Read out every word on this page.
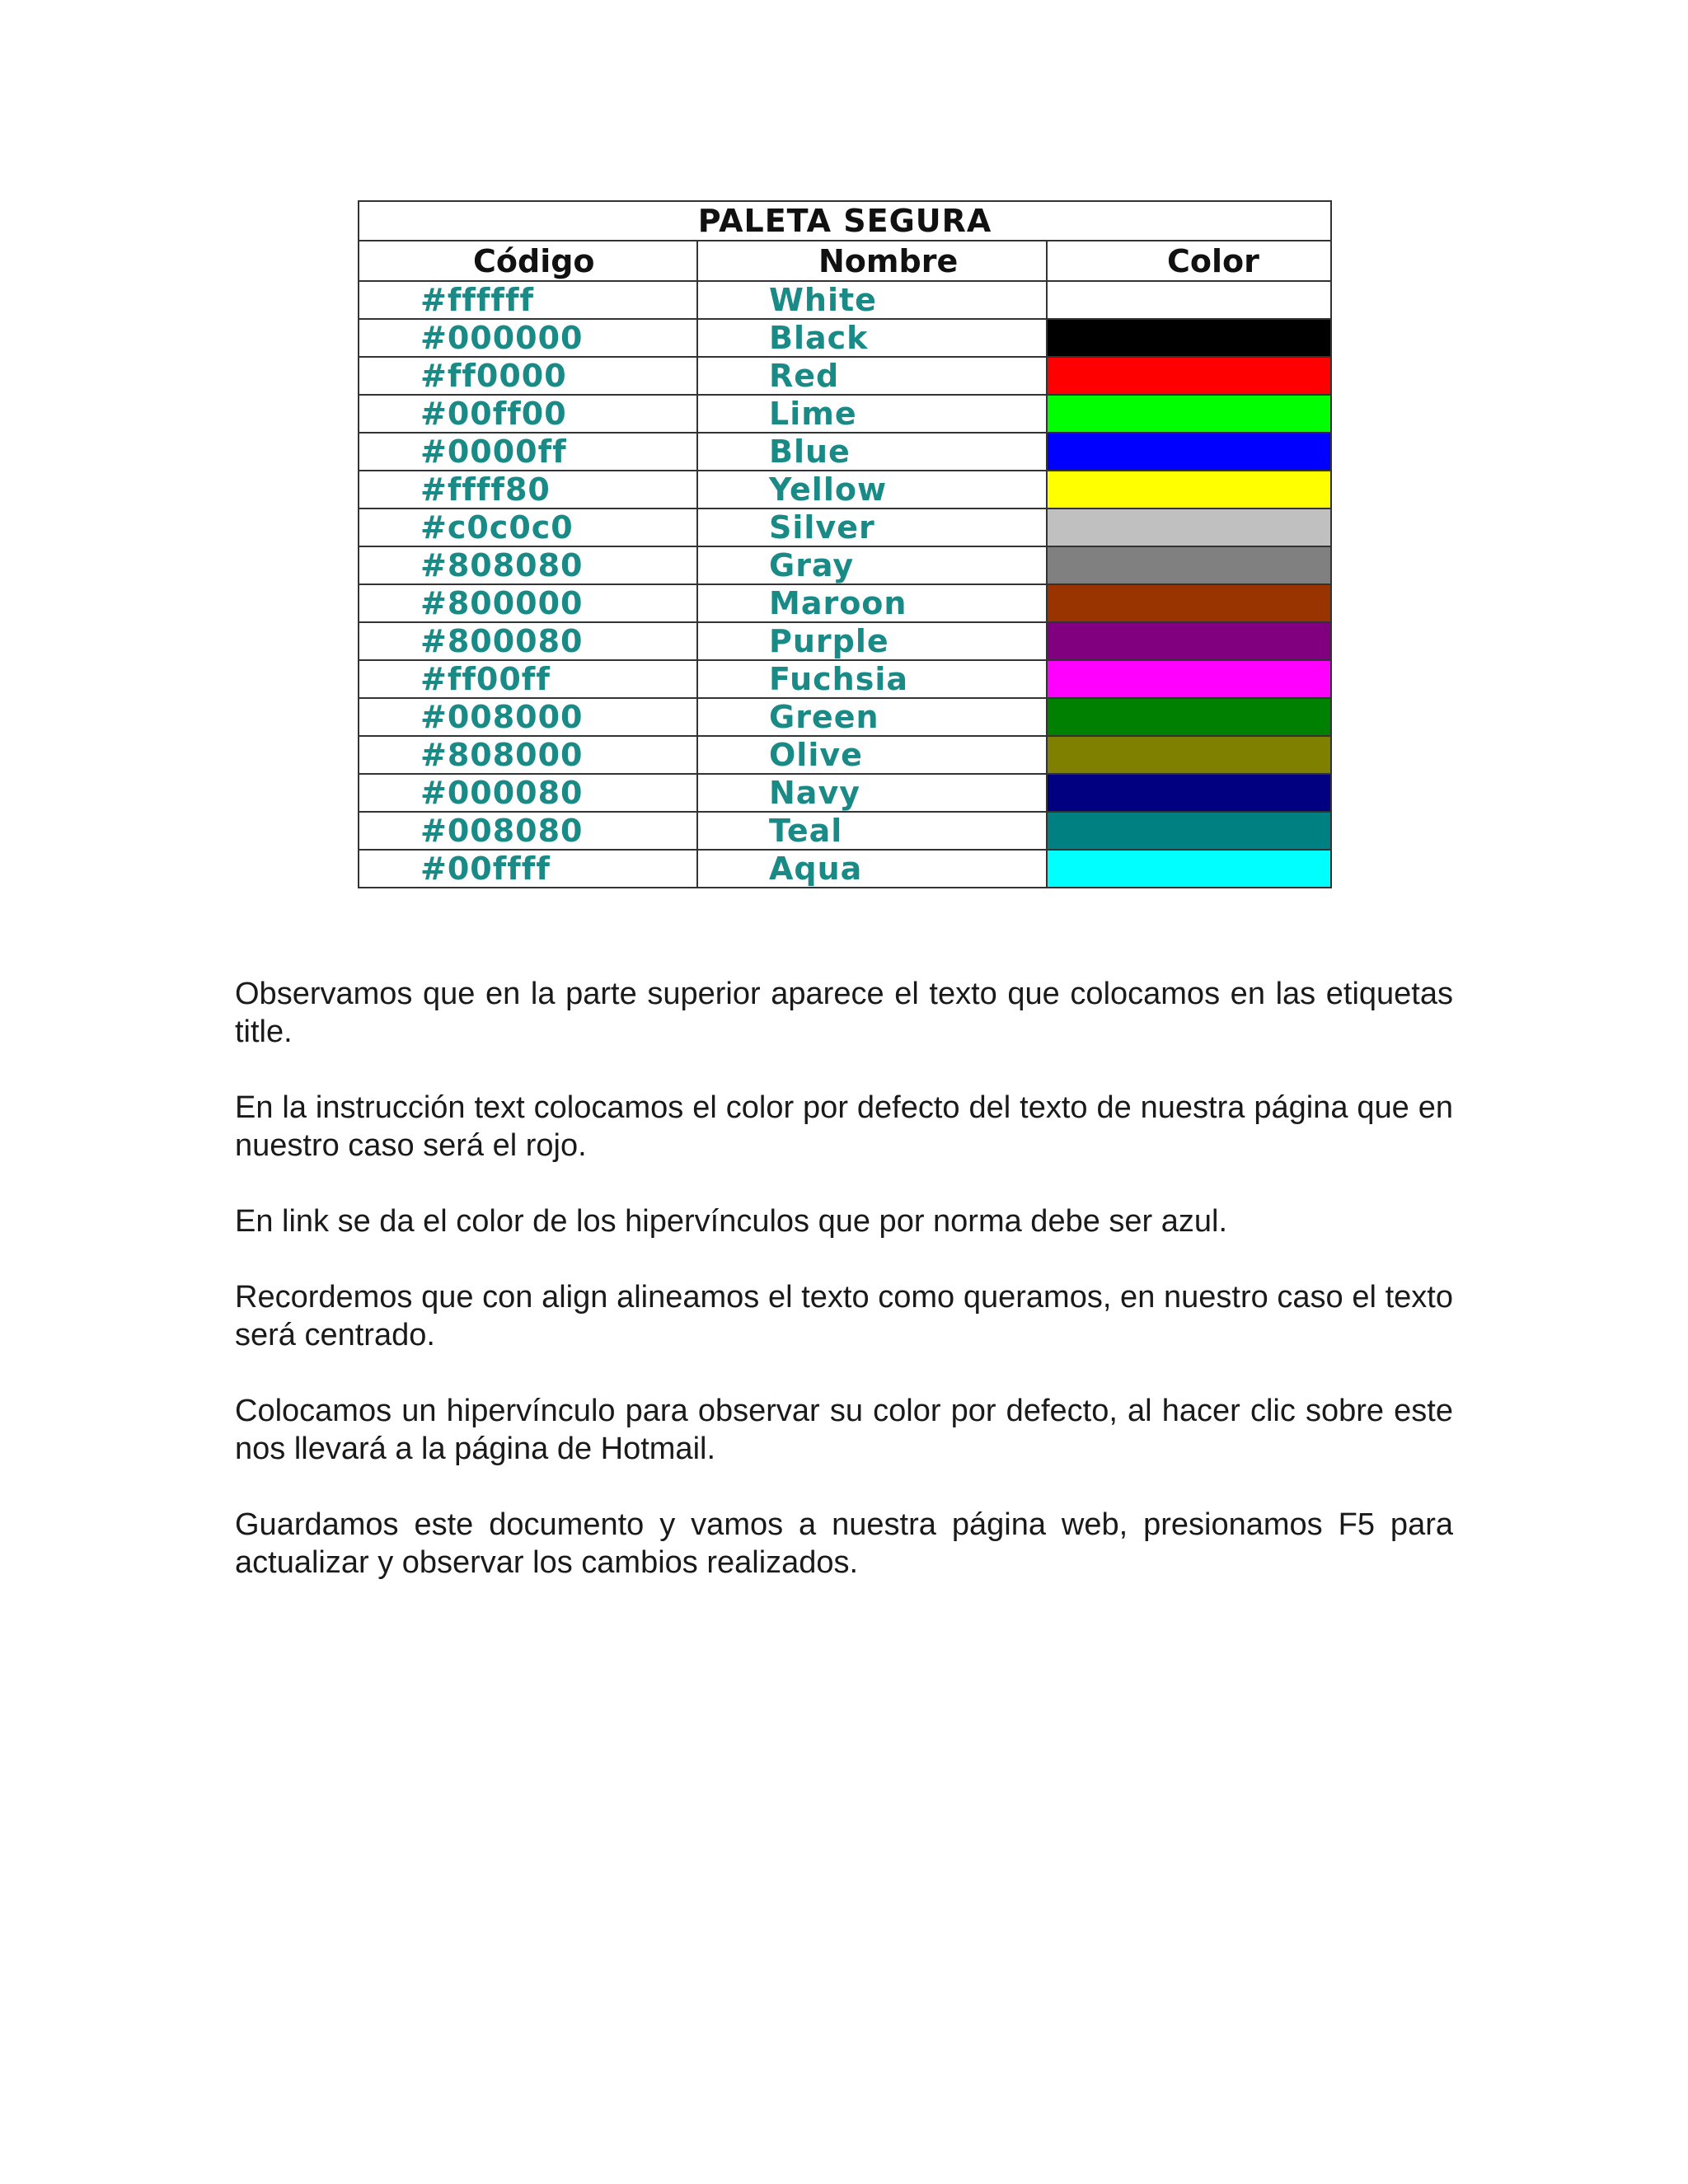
PALETA SEGURA		
Código	Nombre	Color
#ffffff	White	
#000000	Black	
#ff0000	Red	
#00ff00	Lime	
#0000ff	Blue	
#ffff80	Yellow	
#c0c0c0	Silver	
#808080	Gray	
#800000	Maroon	
#800080	Purple	
#ff00ff	Fuchsia	
#008000	Green	
#808000	Olive	
#000080	Navy	
#008080	Teal	
#00ffff	Aqua	

Observamos que en la parte superior aparece el texto que colocamos en las etiquetas title.

En la instrucción text colocamos el color por defecto del texto de nuestra página que en nuestro caso será el rojo.

En link se da el color de los hipervínculos que por norma debe ser azul.

Recordemos que con align alineamos el texto como queramos, en nuestro caso el texto será centrado.

Colocamos un hipervínculo para observar su color por defecto, al hacer clic sobre este nos llevará a la página de Hotmail.

Guardamos este documento y vamos a nuestra página web, presionamos F5 para actualizar y observar los cambios realizados.
